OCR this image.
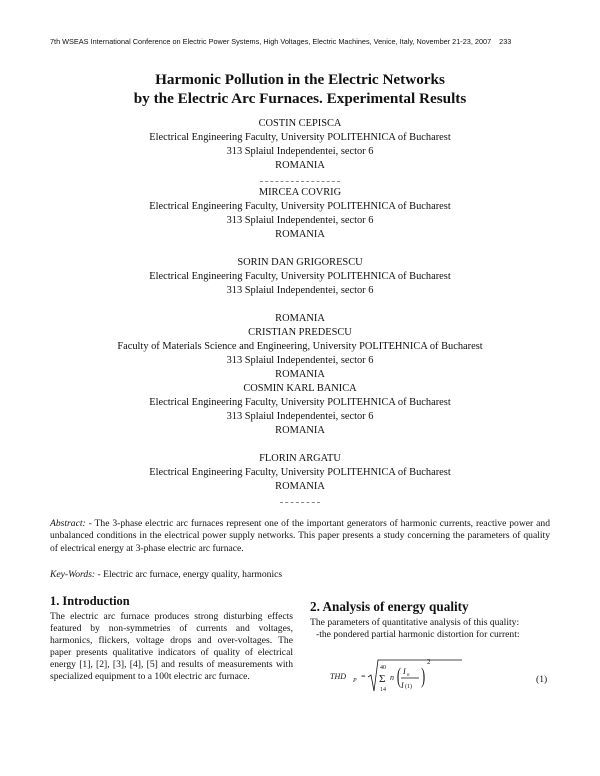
7th WSEAS International Conference on Electric Power Systems, High Voltages, Electric Machines, Venice, Italy, November 21-23, 2007 233
Harmonic Pollution in the Electric Networks
by the Electric Arc Furnaces. Experimental Results
COSTIN CEPISCA
Electrical Engineering Faculty, University POLITEHNICA of Bucharest
313 Splaiul Independentei, sector 6
ROMANIA
MIRCEA COVRIG
Electrical Engineering Faculty, University POLITEHNICA of Bucharest
313 Splaiul Independentei, sector 6
ROMANIA
SORIN DAN GRIGORESCU
Electrical Engineering Faculty, University POLITEHNICA of Bucharest
313 Splaiul Independentei, sector 6
ROMANIA
CRISTIAN PREDESCU
Faculty of Materials Science and Engineering, University POLITEHNICA of Bucharest
313 Splaiul Independentei, sector 6
ROMANIA
COSMIN KARL BANICA
Electrical Engineering Faculty, University POLITEHNICA of Bucharest
313 Splaiul Independentei, sector 6
ROMANIA
FLORIN ARGATU
Electrical Engineering Faculty, University POLITEHNICA of Bucharest
ROMANIA
Abstract: - The 3-phase electric arc furnaces represent one of the important generators of harmonic currents, reactive power and unbalanced conditions in the electrical power supply networks. This paper presents a study concerning the parameters of quality of electrical energy at 3-phase electric arc furnace.
Key-Words: - Electric arc furnace, energy quality, harmonics
1. Introduction
The electric arc furnace produces strong disturbing effects featured by non-symmetries of currents and voltages, harmonics, flickers, voltage drops and over-voltages. The paper presents qualitative indicators of quality of electrical energy [1], [2], [3], [4], [5] and results of measurements with specialized equipment to a 100t electric arc furnace.
2. Analysis of energy quality
The parameters of quantitative analysis of this quality:
-the pondered partial harmonic distortion for current:
THD P =
40
Σ
14
n ( I n
I (1) )
2
(1)
